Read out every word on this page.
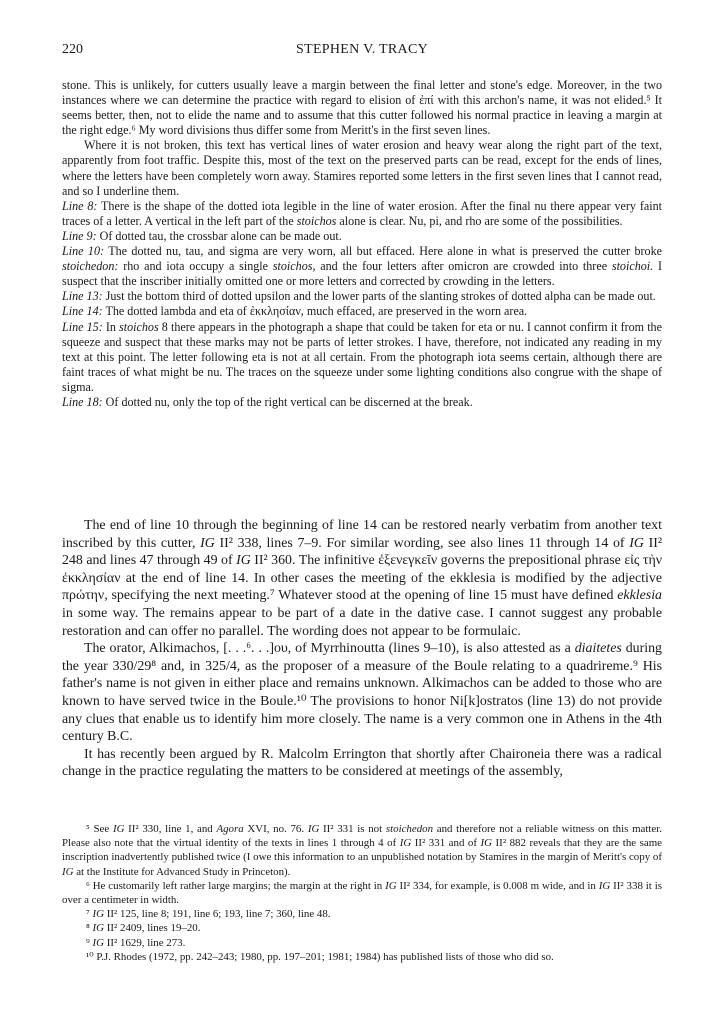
220	STEPHEN V. TRACY

stone. This is unlikely, for cutters usually leave a margin between the final letter and stone's edge. Moreover, in the two instances where we can determine the practice with regard to elision of ἐπί with this archon's name, it was not elided.⁵ It seems better, then, not to elide the name and to assume that this cutter followed his normal practice in leaving a margin at the right edge.⁶ My word divisions thus differ some from Meritt's in the first seven lines.

Where it is not broken, this text has vertical lines of water erosion and heavy wear along the right part of the text, apparently from foot traffic. Despite this, most of the text on the preserved parts can be read, except for the ends of lines, where the letters have been completely worn away. Stamires reported some letters in the first seven lines that I cannot read, and so I underline them.

Line 8: There is the shape of the dotted iota legible in the line of water erosion. After the final nu there appear very faint traces of a letter. A vertical in the left part of the stoichos alone is clear. Nu, pi, and rho are some of the possibilities.

Line 9: Of dotted tau, the crossbar alone can be made out.

Line 10: The dotted nu, tau, and sigma are very worn, all but effaced. Here alone in what is preserved the cutter broke stoichedon: rho and iota occupy a single stoichos, and the four letters after omicron are crowded into three stoichoi. I suspect that the inscriber initially omitted one or more letters and corrected by crowding in the letters.

Line 13: Just the bottom third of dotted upsilon and the lower parts of the slanting strokes of dotted alpha can be made out.

Line 14: The dotted lambda and eta of ἐκκλησίαν, much effaced, are preserved in the worn area.

Line 15: In stoichos 8 there appears in the photograph a shape that could be taken for eta or nu. I cannot confirm it from the squeeze and suspect that these marks may not be parts of letter strokes. I have, therefore, not indicated any reading in my text at this point. The letter following eta is not at all certain. From the photograph iota seems certain, although there are faint traces of what might be nu. The traces on the squeeze under some lighting conditions also congrue with the shape of sigma.

Line 18: Of dotted nu, only the top of the right vertical can be discerned at the break.

The end of line 10 through the beginning of line 14 can be restored nearly verbatim from another text inscribed by this cutter, IG II² 338, lines 7–9. For similar wording, see also lines 11 through 14 of IG II² 248 and lines 47 through 49 of IG II² 360. The infinitive ἐξενεγκεῖν governs the prepositional phrase εἰς τὴν ἐκκλησίαν at the end of line 14. In other cases the meeting of the ekklesia is modified by the adjective πρώτην, specifying the next meeting.⁷ Whatever stood at the opening of line 15 must have defined ekklesia in some way. The remains appear to be part of a date in the dative case. I cannot suggest any probable restoration and can offer no parallel. The wording does not appear to be formulaic.

The orator, Alkimachos, [. . .⁶. . .]ου, of Myrrhinoutta (lines 9–10), is also attested as a diaitetes during the year 330/29⁸ and, in 325/4, as the proposer of a measure of the Boule relating to a quadrireme.⁹ His father's name is not given in either place and remains unknown. Alkimachos can be added to those who are known to have served twice in the Boule.¹⁰ The provisions to honor Ni[k]ostratos (line 13) do not provide any clues that enable us to identify him more closely. The name is a very common one in Athens in the 4th century B.C.

It has recently been argued by R. Malcolm Errington that shortly after Chaironeia there was a radical change in the practice regulating the matters to be considered at meetings of the assembly,

⁵ See IG II² 330, line 1, and Agora XVI, no. 76. IG II² 331 is not stoichedon and therefore not a reliable witness on this matter. Please also note that the virtual identity of the texts in lines 1 through 4 of IG II² 331 and of IG II² 882 reveals that they are the same inscription inadvertently published twice (I owe this information to an unpublished notation by Stamires in the margin of Meritt's copy of IG at the Institute for Advanced Study in Princeton).

⁶ He customarily left rather large margins; the margin at the right in IG II² 334, for example, is 0.008 m wide, and in IG II² 338 it is over a centimeter in width.

⁷ IG II² 125, line 8; 191, line 6; 193, line 7; 360, line 48.

⁸ IG II² 2409, lines 19–20.

⁹ IG II² 1629, line 273.

¹⁰ P.J. Rhodes (1972, pp. 242–243; 1980, pp. 197–201; 1981; 1984) has published lists of those who did so.
